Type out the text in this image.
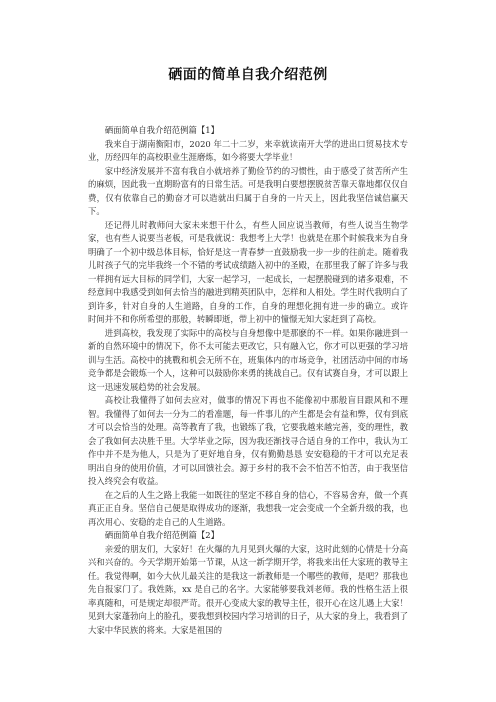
硒面的简单自我介绍范例

硒面简单自我介绍范例篇【1】

我来自于湖南衡阳市，2020 年二十二岁，来幸就读南开大学的进出口贸易技术专业，历经四年的高校职业生涯磨炼，如今将要大学毕业！

家中经济发展并不富有我自小就培养了勤俭节约的习惯性，由于感受了贫苦所产生的麻烦，因此我一直期盼富有的日常生活。可是我明白要想摆脱贫苦靠天靠地都仅仅自费，仅有依靠自己的勤奋才可以造就出归属于自身的一片天上，因此我坚信诚信赢天下。

还记得儿时教师问大家未来想干什么，有些人回应说当教师，有些人说当生物学家，也有些人说要当老板，可是我就说：我想考上大学！也就是在那个时候我来为自身明确了一个初中级总体目标，恰好是这一青春梦一直鼓励我一步一步的往前走。随着我儿时孩子气的完毕我终一个不错的考试成绩踏入初中的圣殿，在那里我了解了许多与我一样拥有远大目标的同学们，大家一起学习，一起成长，一起摆脱碰到的诸多艰难，不经意间中我感受到如何去恰当的融进到精英团队中，怎样和人相处。学生时代我明白了到许多，针对自身的人生道路，自身的工作，自身的理想化拥有进一步的确立。或许 时间并不和你所希望的那般，转瞬即逝，带上初中的憧憬无知大家赶到了高校。

进到高校，我发现了实际中的高校与自身想像中是那麽的不一样。如果你融进到一新的自然环境中的情况下，你不太可能去更改它，只有融入它，你才可以更强的学习培训与生活。高校中的挑戰和机会无所不在，班集体内的市场竞争，社团活动中间的市场竞争都是会锻炼一个人，这种可以鼓励你来勇的挑战自己。仅有试赛自身，才可以跟上这一迅速发展趋势的社会发展。

高校让我懂得了如何去应对，做事的情况下再也不能像初中那般盲目跟风和不理智。我懂得了如何去一分为二的看准题，每一件事儿的产生都是会有益和弊，仅有到底才可以会恰当的处理。高等教育了我，也锻练了我，它要我越来越完善，变的理性，教会了我如何去决胜千里。大学毕业之际，因为我还渐找寻合适自身的工作中，我认为工作中并不是为他人，只是为了更好地自身，仅有勤勤恳恳 安安稳稳的干才可以充足表明出自身的使用价值，才可以回馈社会。源于乡村的我不会不怕苦不怕苦，由于我坚信投入终究会有收益。

在之后的人生之路上我能一如既往的坚定不移自身的信心，不容易舍弃，做一个真真正正自身。坚信自己便是取得成功的逐渐，我想我一定会变成一个全新升级的我，也再次用心、安稳的走自己的人生道路。

硒面简单自我介绍范例篇【2】

亲爱的朋友们，大家好！在火爆的九月见到火爆的大家，这时此刻的心情是十分高兴和兴奋的。今天学期开始第一节课，从这一新学期开学，将我来出任大家班的教导主任。我觉得啊，如今大伙儿最关注的是我这一新教师是一个哪些的教师，是吧？那我也先自报家门了。我姓陈，xx 是自己的名字。大家能够要我刘老师。我的性格生活上很率真随和，可是规定却很严苛。很开心变成大家的教导主任，很开心在这儿遇上大家！见到大家蓬勃向上的脸孔，要我想到校园内学习培训的日子，从大家的身上，我看到了大家中华民族的将来。大家是祖国的
